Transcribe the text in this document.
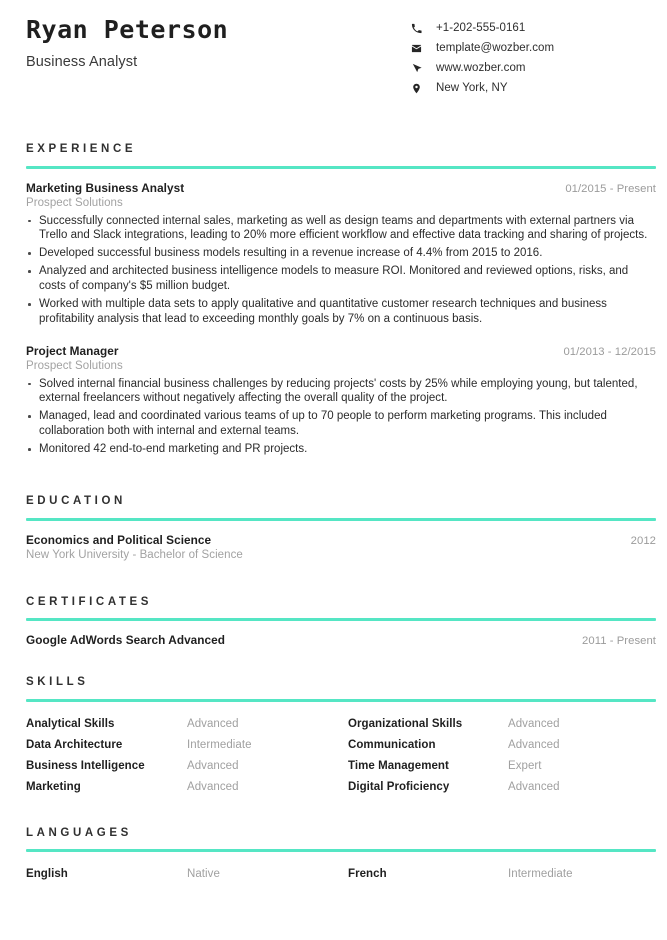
Ryan Peterson
Business Analyst
+1-202-555-0161
template@wozber.com
www.wozber.com
New York, NY
EXPERIENCE
Marketing Business Analyst	01/2015 - Present
Prospect Solutions
Successfully connected internal sales, marketing as well as design teams and departments with external partners via Trello and Slack integrations, leading to 20% more efficient workflow and effective data tracking and sharing of projects.
Developed successful business models resulting in a revenue increase of 4.4% from 2015 to 2016.
Analyzed and architected business intelligence models to measure ROI. Monitored and reviewed options, risks, and costs of company's $5 million budget.
Worked with multiple data sets to apply qualitative and quantitative customer research techniques and business profitability analysis that lead to exceeding monthly goals by 7% on a continuous basis.
Project Manager	01/2013 - 12/2015
Prospect Solutions
Solved internal financial business challenges by reducing projects' costs by 25% while employing young, but talented, external freelancers without negatively affecting the overall quality of the project.
Managed, lead and coordinated various teams of up to 70 people to perform marketing programs. This included collaboration both with internal and external teams.
Monitored 42 end-to-end marketing and PR projects.
EDUCATION
Economics and Political Science	2012
New York University - Bachelor of Science
CERTIFICATES
Google AdWords Search Advanced	2011 - Present
SKILLS
Analytical Skills	Advanced	Organizational Skills	Advanced
Data Architecture	Intermediate	Communication	Advanced
Business Intelligence	Advanced	Time Management	Expert
Marketing	Advanced	Digital Proficiency	Advanced
LANGUAGES
English	Native	French	Intermediate
